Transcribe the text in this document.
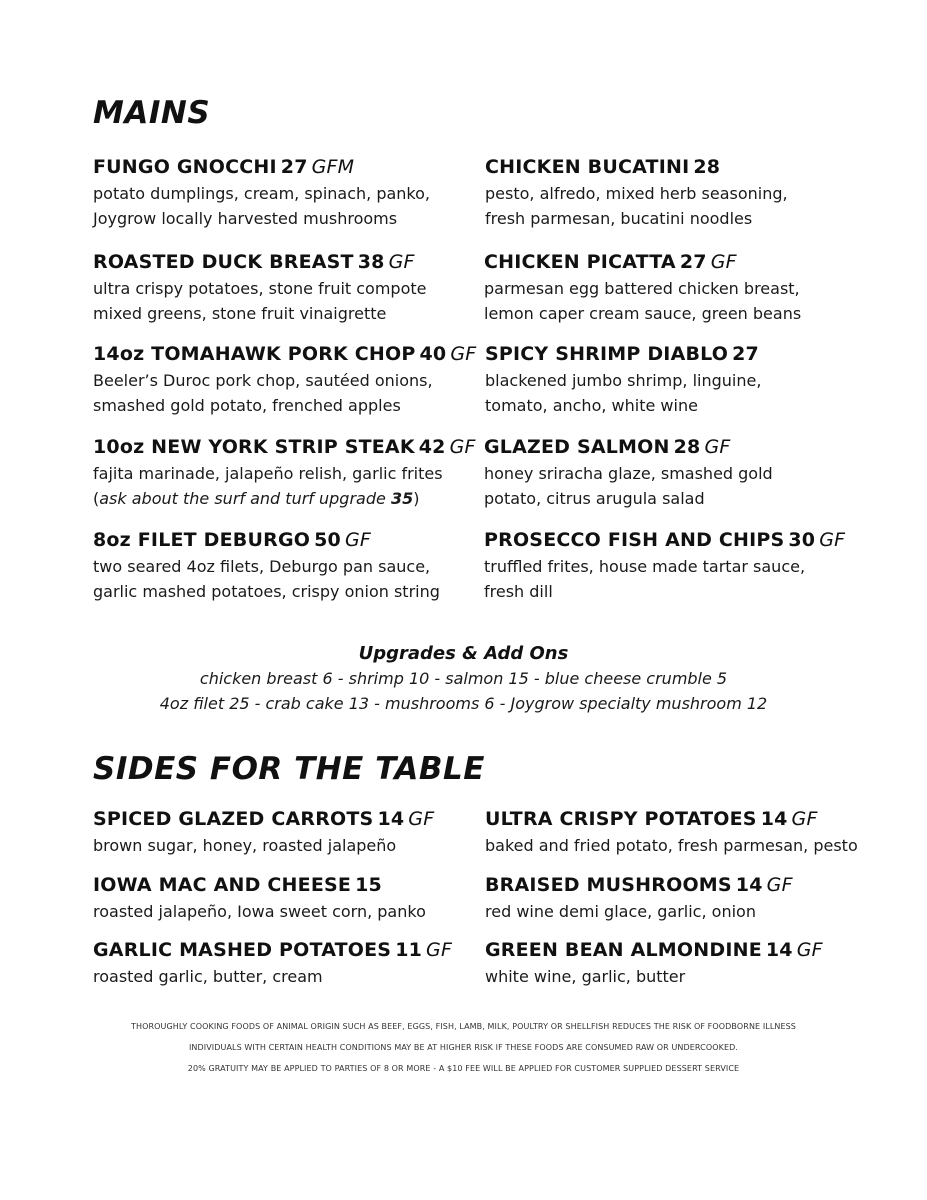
MAINS
FUNGO GNOCCHI 27 GFM
potato dumplings, cream, spinach, panko,
Joygrow locally harvested mushrooms
ROASTED DUCK BREAST 38 GF
ultra crispy potatoes, stone fruit compote
mixed greens, stone fruit vinaigrette
14oz TOMAHAWK PORK CHOP 40 GF
Beeler’s Duroc pork chop, sautéed onions,
smashed gold potato, frenched apples
10oz NEW YORK STRIP STEAK 42 GF
fajita marinade, jalapeño relish, garlic frites
(ask about the surf and turf upgrade 35)
8oz FILET DEBURGO 50 GF
two seared 4oz filets, Deburgo pan sauce,
garlic mashed potatoes, crispy onion string
CHICKEN BUCATINI 28
pesto, alfredo, mixed herb seasoning,
fresh parmesan, bucatini noodles
CHICKEN PICATTA 27 GF
parmesan egg battered chicken breast,
lemon caper cream sauce, green beans
SPICY SHRIMP DIABLO 27
blackened jumbo shrimp, linguine,
tomato, ancho, white wine
GLAZED SALMON 28 GF
honey sriracha glaze, smashed gold
potato, citrus arugula salad
PROSECCO FISH AND CHIPS 30 GF
truffled frites, house made tartar sauce,
fresh dill
Upgrades & Add Ons
chicken breast 6 - shrimp 10 - salmon 15 - blue cheese crumble 5
4oz filet 25 - crab cake 13 - mushrooms 6 - Joygrow specialty mushroom 12
SIDES FOR THE TABLE
SPICED GLAZED CARROTS 14 GF
brown sugar, honey, roasted jalapeño
IOWA MAC AND CHEESE 15
roasted jalapeño, Iowa sweet corn, panko
GARLIC MASHED POTATOES 11 GF
roasted garlic, butter, cream
ULTRA CRISPY POTATOES 14 GF
baked and fried potato, fresh parmesan, pesto
BRAISED MUSHROOMS 14 GF
red wine demi glace, garlic, onion
GREEN BEAN ALMONDINE 14 GF
white wine, garlic, butter
THOROUGHLY COOKING FOODS OF ANIMAL ORIGIN SUCH AS BEEF, EGGS, FISH, LAMB, MILK, POULTRY OR SHELLFISH REDUCES THE RISK OF FOODBORNE ILLNESS
INDIVIDUALS WITH CERTAIN HEALTH CONDITIONS MAY BE AT HIGHER RISK IF THESE FOODS ARE CONSUMED RAW OR UNDERCOOKED.
20% GRATUITY MAY BE APPLIED TO PARTIES OF 8 OR MORE - A $10 FEE WILL BE APPLIED FOR CUSTOMER SUPPLIED DESSERT SERVICE
